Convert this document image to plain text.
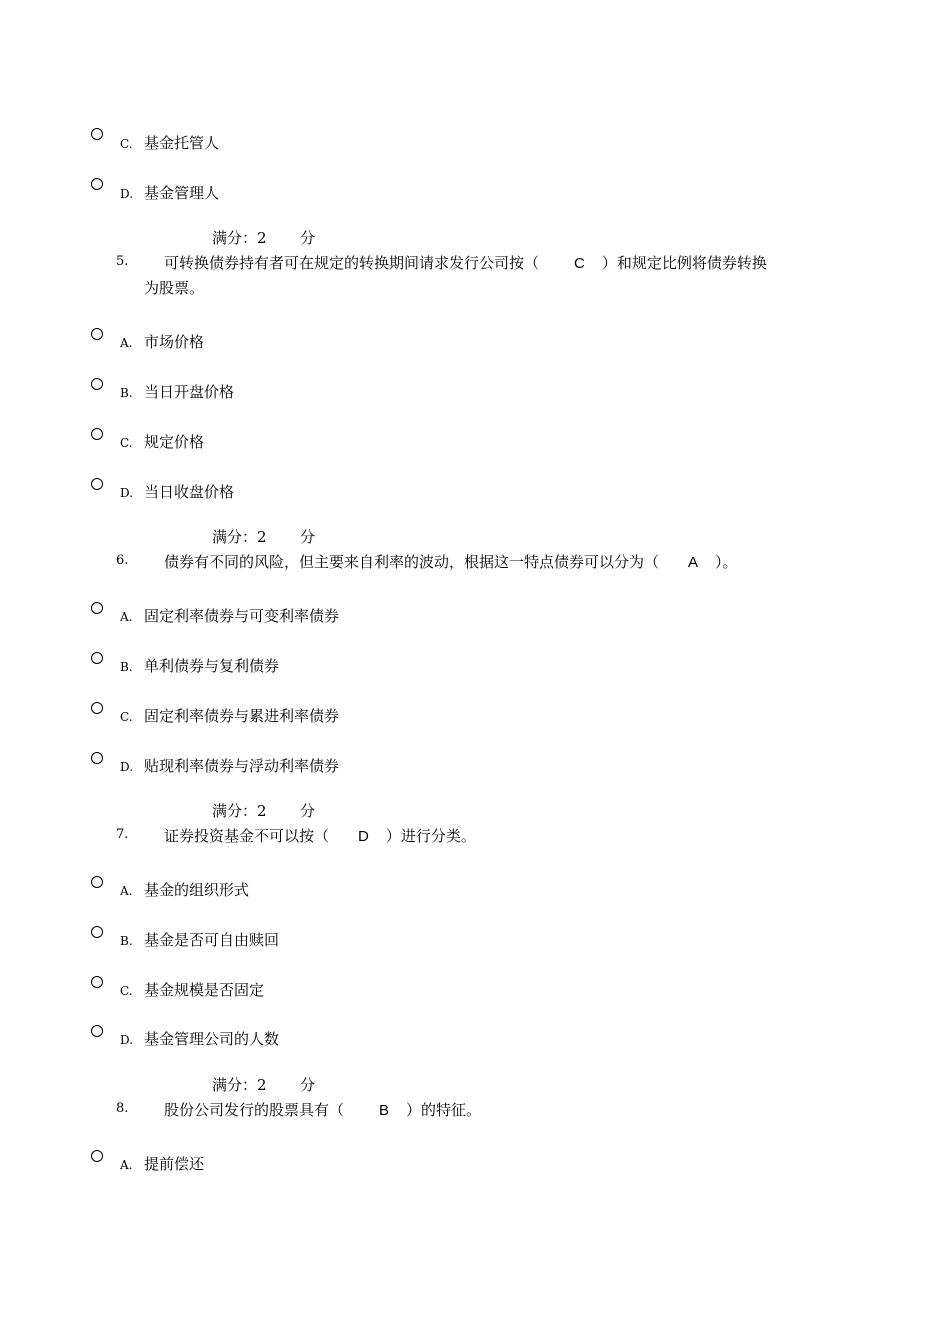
C. 基金托管人
D. 基金管理人
满分：2 分
5. 可转换债券持有者可在规定的转换期间请求发行公司按（ C ）和规定比例将债券转换
为股票。
A. 市场价格
B. 当日开盘价格
C. 规定价格
D. 当日收盘价格
满分：2 分
6. 债券有不同的风险，但主要来自利率的波动，根据这一特点债券可以分为（ A ）。
A. 固定利率债券与可变利率债券
B. 单利债券与复利债券
C. 固定利率债券与累进利率债券
D. 贴现利率债券与浮动利率债券
满分：2 分
7. 证券投资基金不可以按（ D ）进行分类。
A. 基金的组织形式
B. 基金是否可自由赎回
C. 基金规模是否固定
D. 基金管理公司的人数
满分：2 分
8. 股份公司发行的股票具有（ B ）的特征。
A. 提前偿还
